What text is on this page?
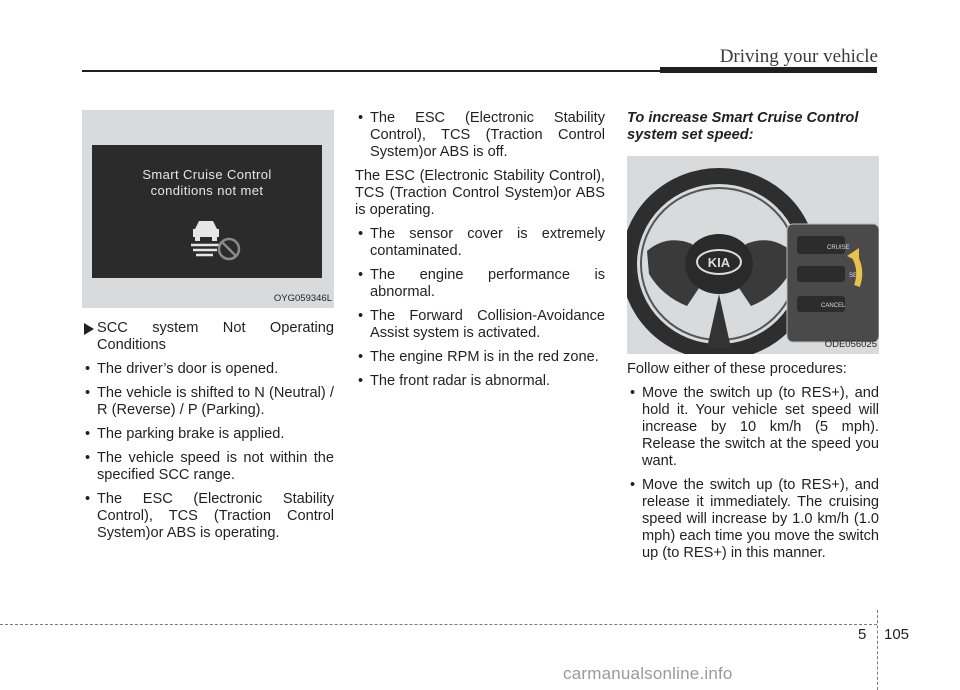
Driving your vehicle
Smart Cruise Control
conditions not met
OYG059346L
SCC system Not Operating Conditions
• The driver’s door is opened.
• The vehicle is shifted to N (Neutral) / R (Reverse) / P (Parking).
• The parking brake is applied.
• The vehicle speed is not within the specified SCC range.
• The ESC (Electronic Stability Control), TCS (Traction Control System)or ABS is operating.
• The ESC (Electronic Stability Control), TCS (Traction Control System)or ABS is off.

The ESC (Electronic Stability Control), TCS (Traction Control System)or ABS is operating.

• The sensor cover is extremely contaminated.
• The engine performance is abnormal.
• The Forward Collision-Avoidance Assist system is activated.
• The engine RPM is in the red zone.
• The front radar is abnormal.
To increase Smart Cruise Control system set speed:
KIA
CRUISE
SET
CANCEL
ODE056025

Follow either of these procedures:

• Move the switch up (to RES+), and hold it. Your vehicle set speed will increase by 10 km/h (5 mph). Release the switch at the speed you want.
• Move the switch up (to RES+), and release it immediately. The cruising speed will increase by 1.0 km/h (1.0 mph) each time you move the switch up (to RES+) in this manner.
5 105
carmanualsonline.info
